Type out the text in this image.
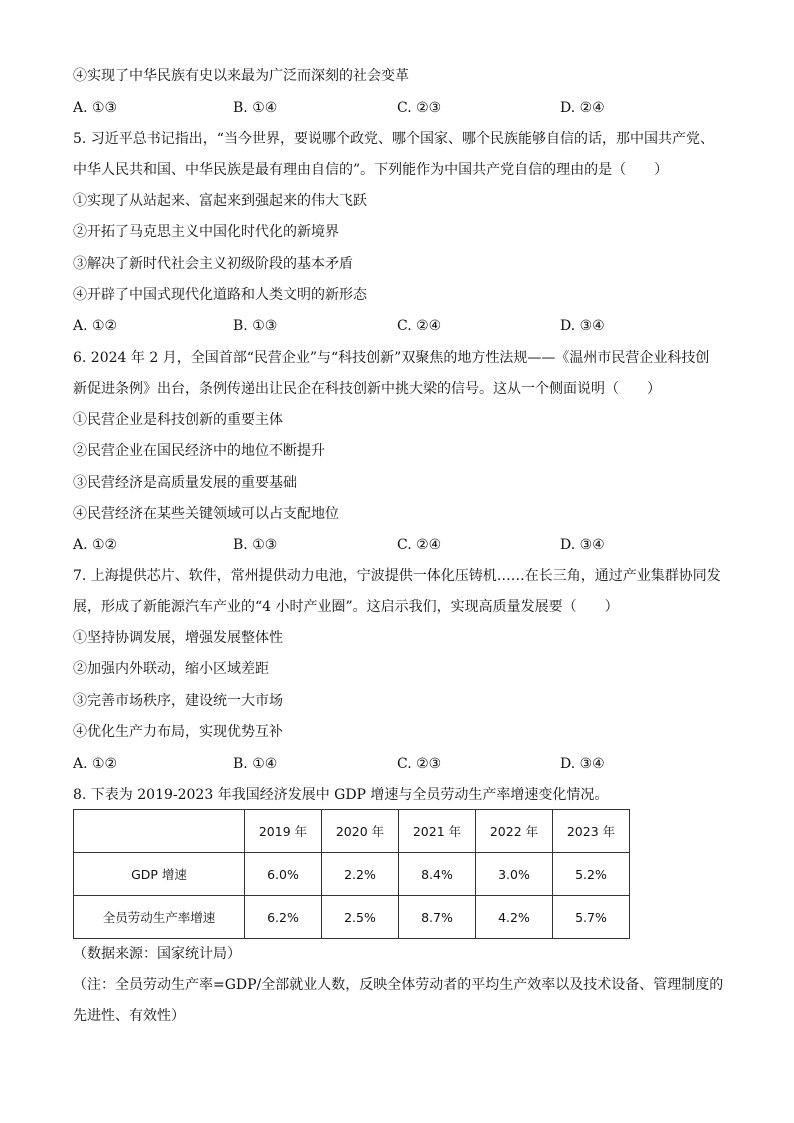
④实现了中华民族有史以来最为广泛而深刻的社会变革
A. ①③	B. ①④	C. ②③	D. ②④
5. 习近平总书记指出，“当今世界，要说哪个政党、哪个国家、哪个民族能够自信的话，那中国共产党、
中华人民共和国、中华民族是最有理由自信的”。下列能作为中国共产党自信的理由的是（　　）
①实现了从站起来、富起来到强起来的伟大飞跃
②开拓了马克思主义中国化时代化的新境界
③解决了新时代社会主义初级阶段的基本矛盾
④开辟了中国式现代化道路和人类文明的新形态
A. ①②	B. ①③	C. ②④	D. ③④
6. 2024 年 2 月，全国首部“民营企业”与“科技创新”双聚焦的地方性法规——《温州市民营企业科技创
新促进条例》出台，条例传递出让民企在科技创新中挑大梁的信号。这从一个侧面说明（　　）
①民营企业是科技创新的重要主体
②民营企业在国民经济中的地位不断提升
③民营经济是高质量发展的重要基础
④民营经济在某些关键领域可以占支配地位
A. ①②	B. ①③	C. ②④	D. ③④
7. 上海提供芯片、软件，常州提供动力电池，宁波提供一体化压铸机……在长三角，通过产业集群协同发
展，形成了新能源汽车产业的“4 小时产业圈”。这启示我们，实现高质量发展要（　　）
①坚持协调发展，增强发展整体性
②加强内外联动，缩小区域差距
③完善市场秩序，建设统一大市场
④优化生产力布局，实现优势互补
A. ①②	B. ①④	C. ②③	D. ③④
8. 下表为 2019-2023 年我国经济发展中 GDP 增速与全员劳动生产率增速变化情况。
	2019 年	2020 年	2021 年	2022 年	2023 年
GDP 增速	6.0%	2.2%	8.4%	3.0%	5.2%
全员劳动生产率增速	6.2%	2.5%	8.7%	4.2%	5.7%
（数据来源：国家统计局）
（注：全员劳动生产率=GDP/全部就业人数，反映全体劳动者的平均生产效率以及技术设备、管理制度的
先进性、有效性）
